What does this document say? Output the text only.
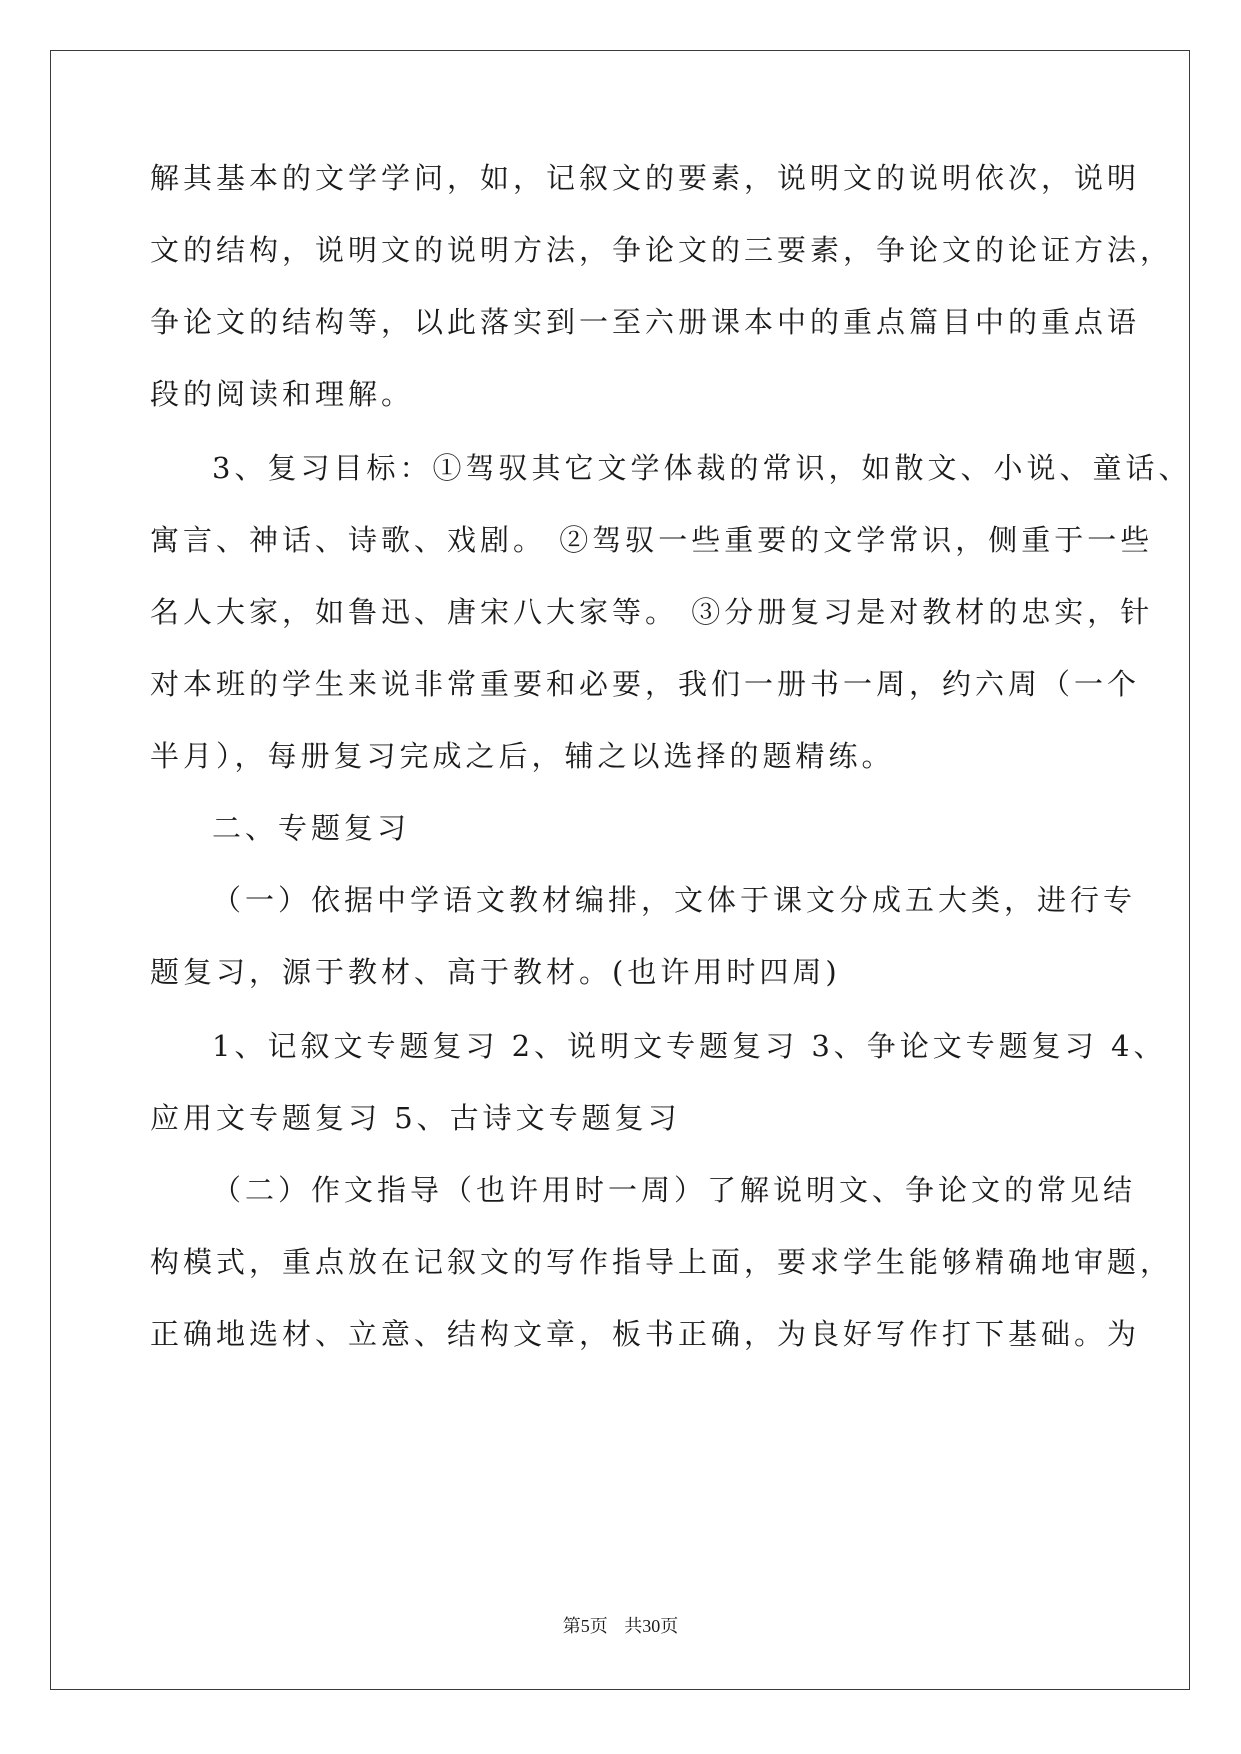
解其基本的文学学问，如，记叙文的要素，说明文的说明依次，说明
文的结构，说明文的说明方法，争论文的三要素，争论文的论证方法，
争论文的结构等，以此落实到一至六册课本中的重点篇目中的重点语
段的阅读和理解。
3、复习目标：①驾驭其它文学体裁的常识，如散文、小说、童话、
寓言、神话、诗歌、戏剧。 ②驾驭一些重要的文学常识，侧重于一些
名人大家，如鲁迅、唐宋八大家等。 ③分册复习是对教材的忠实，针
对本班的学生来说非常重要和必要，我们一册书一周，约六周（一个
半月），每册复习完成之后，辅之以选择的题精练。
二、专题复习
（一）依据中学语文教材编排，文体于课文分成五大类，进行专
题复习，源于教材、高于教材。(也许用时四周)
1、记叙文专题复习 2、说明文专题复习 3、争论文专题复习 4、
应用文专题复习 5、古诗文专题复习
（二）作文指导（也许用时一周）了解说明文、争论文的常见结
构模式，重点放在记叙文的写作指导上面，要求学生能够精确地审题，
正确地选材、立意、结构文章，板书正确，为良好写作打下基础。为
第5页 共30页
